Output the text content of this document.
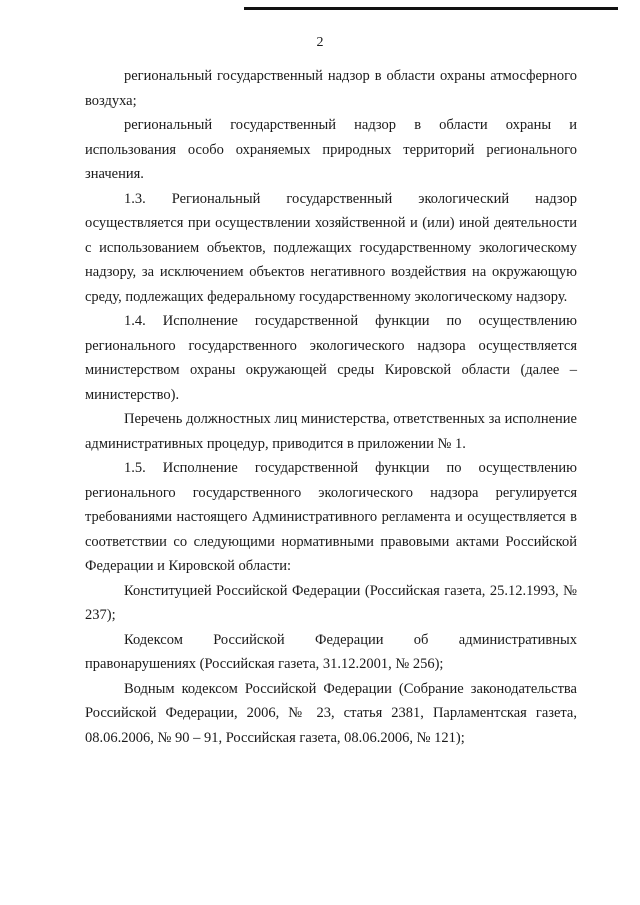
2

региональный государственный надзор в области охраны атмосферного воздуха;

региональный государственный надзор в области охраны и использования особо охраняемых природных территорий регионального значения.

1.3. Региональный государственный экологический надзор осуществляется при осуществлении хозяйственной и (или) иной деятельности с использованием объектов, подлежащих государственному экологическому надзору, за исключением объектов негативного воздействия на окружающую среду, подлежащих федеральному государственному экологическому надзору.

1.4. Исполнение государственной функции по осуществлению регионального государственного экологического надзора осуществляется министерством охраны окружающей среды Кировской области (далее – министерство).

Перечень должностных лиц министерства, ответственных за исполнение административных процедур, приводится в приложении № 1.

1.5. Исполнение государственной функции по осуществлению регионального государственного экологического надзора регулируется требованиями настоящего Административного регламента и осуществляется в соответствии со следующими нормативными правовыми актами Российской Федерации и Кировской области:

Конституцией Российской Федерации (Российская газета, 25.12.1993, № 237);

Кодексом Российской Федерации об административных правонарушениях (Российская газета, 31.12.2001, № 256);

Водным кодексом Российской Федерации (Собрание законодательства Российской Федерации, 2006, № 23, статья 2381, Парламентская газета, 08.06.2006, № 90 – 91, Российская газета, 08.06.2006, № 121);
